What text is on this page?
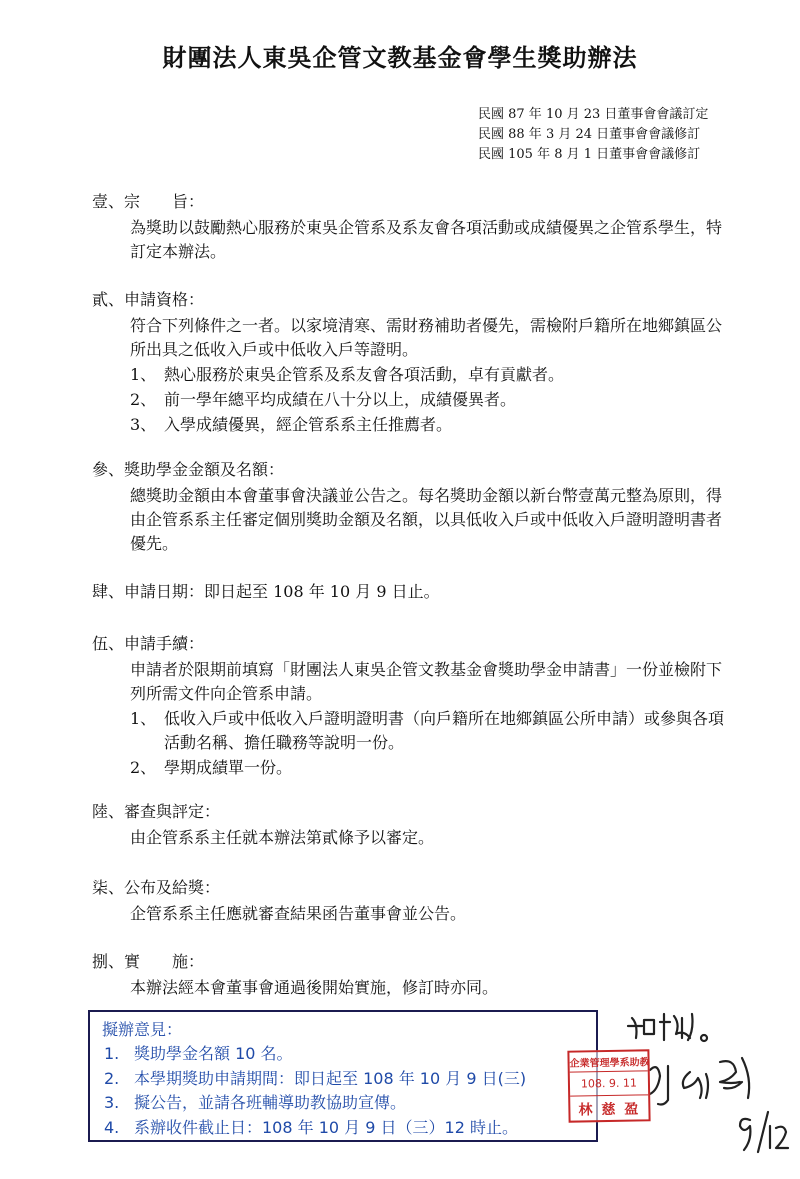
財團法人東吳企管文教基金會學生獎助辦法
民國 87 年 10 月 23 日董事會會議訂定
民國 88 年 3 月 24 日董事會會議修訂
民國 105 年 8 月 1 日董事會會議修訂
壹、宗　　旨：
為獎助以鼓勵熱心服務於東吳企管系及系友會各項活動或成績優異之企管系學生，特訂定本辦法。
貳、申請資格：
符合下列條件之一者。以家境清寒、需財務補助者優先，需檢附戶籍所在地鄉鎮區公所出具之低收入戶或中低收入戶等證明。
1、 熱心服務於東吳企管系及系友會各項活動，卓有貢獻者。
2、 前一學年總平均成績在八十分以上，成績優異者。
3、 入學成績優異，經企管系系主任推薦者。
參、獎助學金金額及名額：
總獎助金額由本會董事會決議並公告之。每名獎助金額以新台幣壹萬元整為原則，得由企管系系主任審定個別獎助金額及名額，以具低收入戶或中低收入戶證明證明書者優先。
肆、申請日期：即日起至 108 年 10 月 9 日止。
伍、申請手續：
申請者於限期前填寫「財團法人東吳企管文教基金會獎助學金申請書」一份並檢附下列所需文件向企管系申請。
1、 低收入戶或中低收入戶證明證明書（向戶籍所在地鄉鎮區公所申請）或參與各項活動名稱、擔任職務等說明一份。
2、 學期成績單一份。
陸、審查與評定：
由企管系系主任就本辦法第貳條予以審定。
柒、公布及給獎：
企管系系主任應就審查結果函告董事會並公告。
捌、實　　施：
本辦法經本會董事會通過後開始實施，修訂時亦同。
擬辦意見：
1. 獎助學金名額 10 名。
2. 本學期獎助申請期間：即日起至 108 年 10 月 9 日(三)
3. 擬公告，並請各班輔導助教協助宣傳。
4. 系辦收件截止日：108 年 10 月 9 日（三）12 時止。
企業管理學系助教
108. 9. 11
林 慈 盈
